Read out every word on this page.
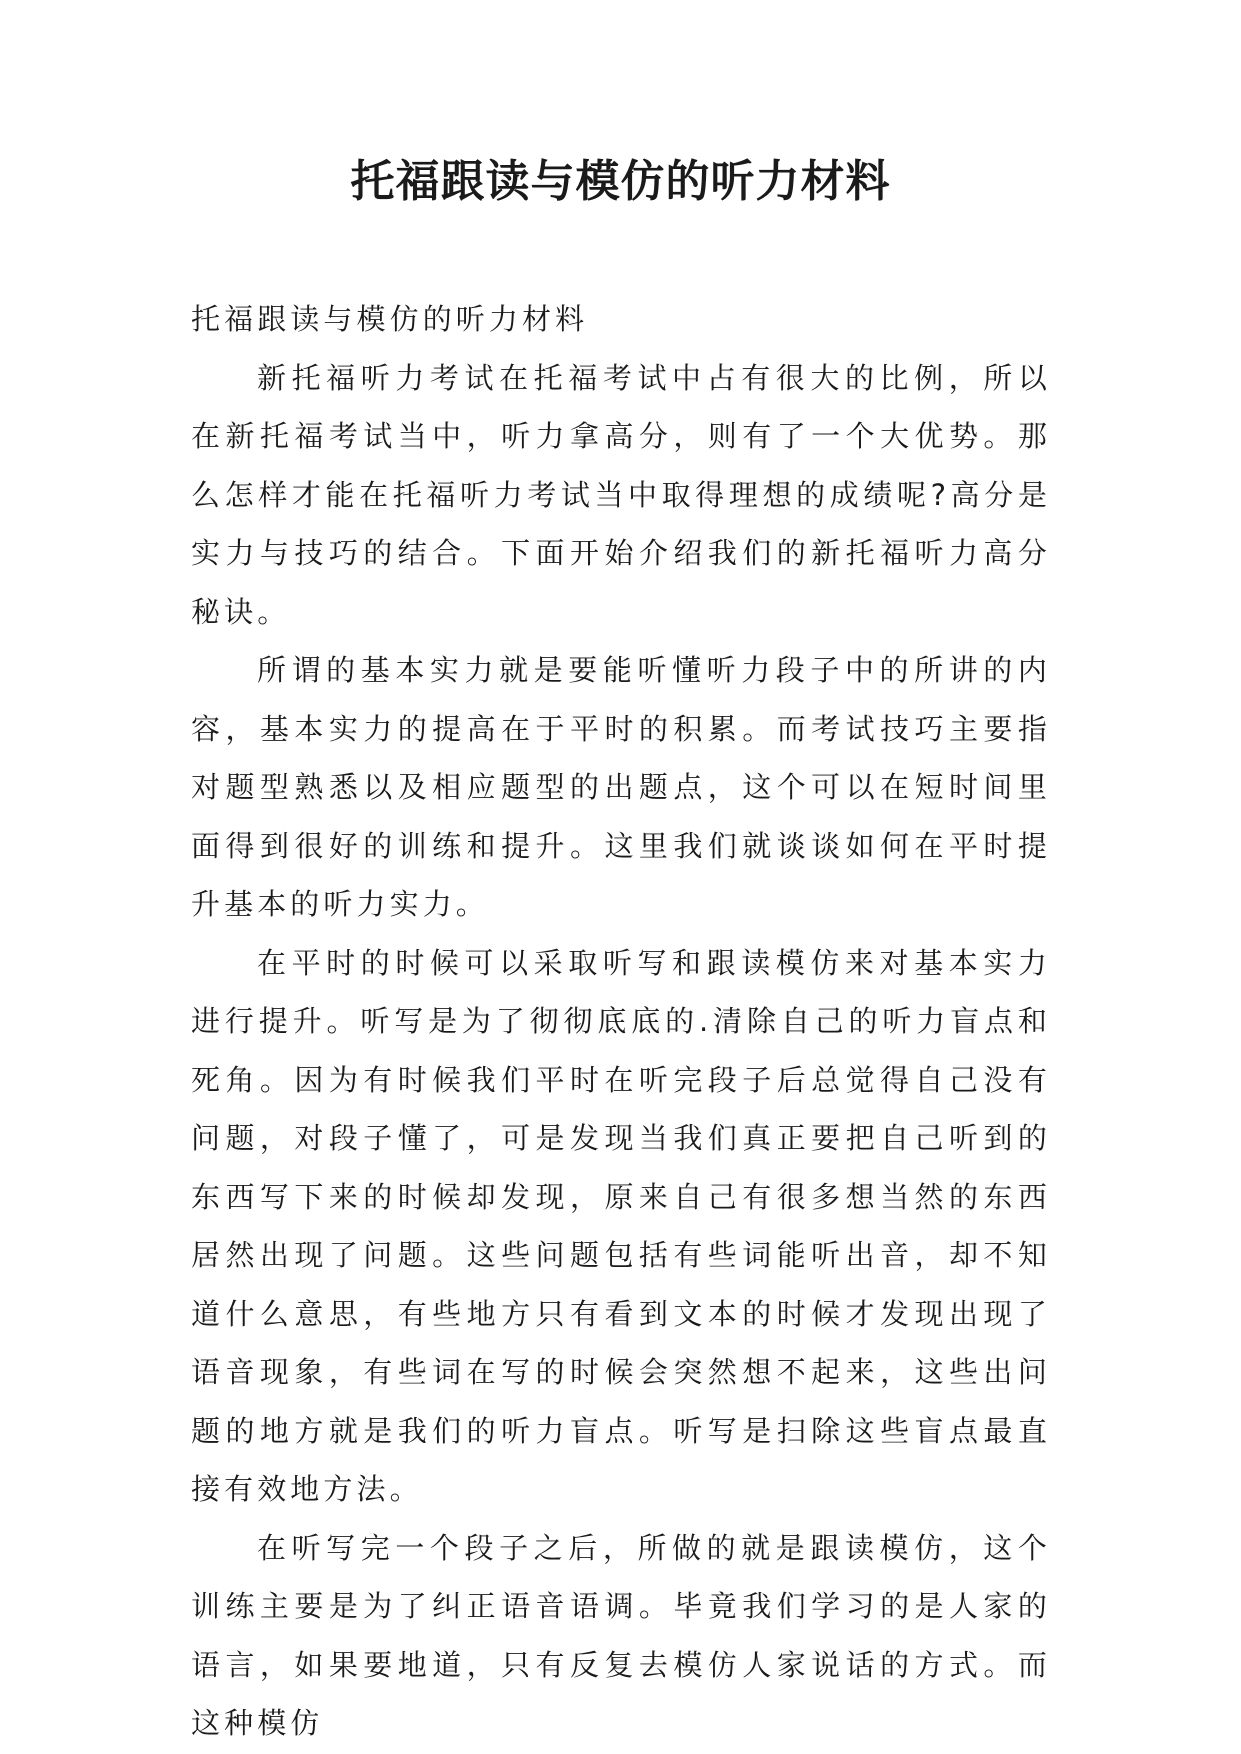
托福跟读与模仿的听力材料

托福跟读与模仿的听力材料

新托福听力考试在托福考试中占有很大的比例，所以在新托福考试当中，听力拿高分，则有了一个大优势。那么怎样才能在托福听力考试当中取得理想的成绩呢?高分是实力与技巧的结合。下面开始介绍我们的新托福听力高分秘诀。

所谓的基本实力就是要能听懂听力段子中的所讲的内容，基本实力的提高在于平时的积累。而考试技巧主要指对题型熟悉以及相应题型的出题点，这个可以在短时间里面得到很好的训练和提升。这里我们就谈谈如何在平时提升基本的听力实力。

在平时的时候可以采取听写和跟读模仿来对基本实力进行提升。听写是为了彻彻底底的.清除自己的听力盲点和死角。因为有时候我们平时在听完段子后总觉得自己没有问题，对段子懂了，可是发现当我们真正要把自己听到的东西写下来的时候却发现，原来自己有很多想当然的东西居然出现了问题。这些问题包括有些词能听出音，却不知道什么意思，有些地方只有看到文本的时候才发现出现了语音现象，有些词在写的时候会突然想不起来，这些出问题的地方就是我们的听力盲点。听写是扫除这些盲点最直接有效地方法。

在听写完一个段子之后，所做的就是跟读模仿，这个训练主要是为了纠正语音语调。毕竟我们学习的是人家的语言，如果要地道，只有反复去模仿人家说话的方式。而这种模仿
